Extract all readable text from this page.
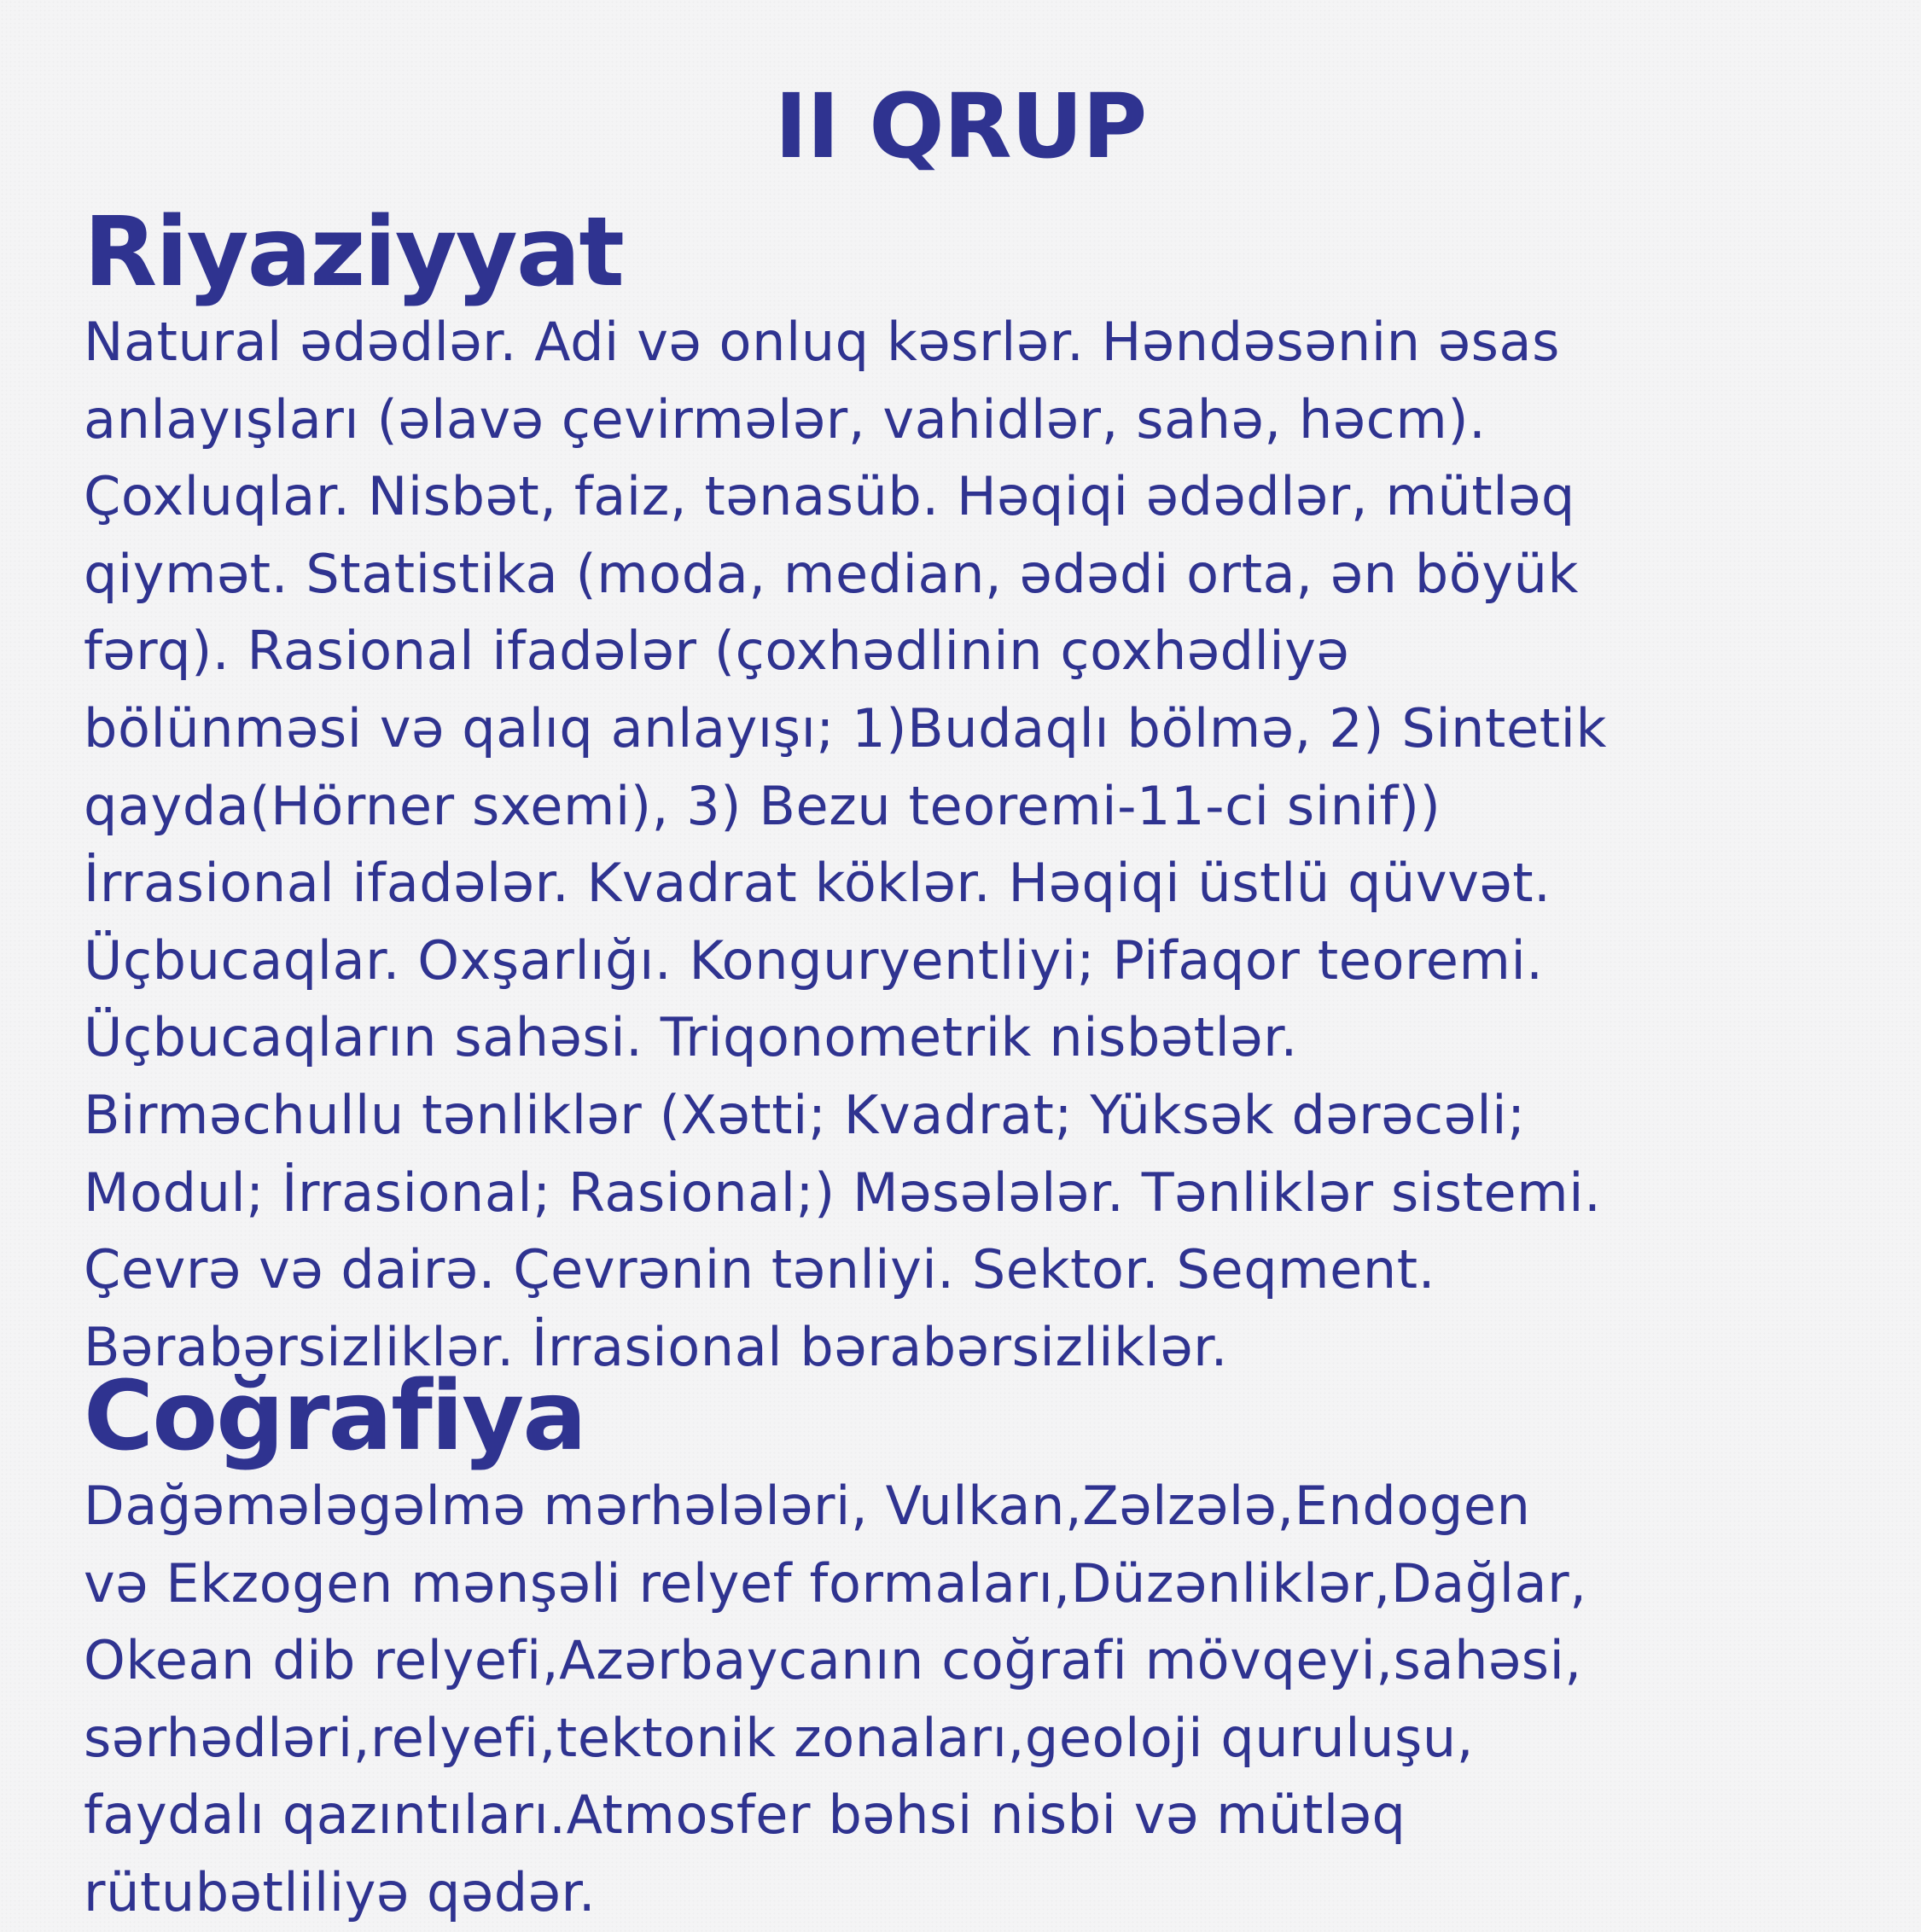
II QRUP
Riyaziyyat
Natural ədədlər. Adi və onluq kəsrlər. Həndəsənin əsas
anlayışları (əlavə çevirmələr, vahidlər, sahə, həcm).
Çoxluqlar. Nisbət, faiz, tənasüb. Həqiqi ədədlər, mütləq
qiymət. Statistika (moda, median, ədədi orta, ən böyük
fərq). Rasional ifadələr (çoxhədlinin çoxhədliyə
bölünməsi və qalıq anlayışı; 1)Budaqlı bölmə, 2) Sintetik
qayda(Hörner sxemi), 3) Bezu teoremi-11-ci sinif))
İrrasional ifadələr. Kvadrat köklər. Həqiqi üstlü qüvvət.
Üçbucaqlar. Oxşarlığı. Konguryentliyi; Pifaqor teoremi.
Üçbucaqların sahəsi. Triqonometrik nisbətlər.
Birməchullu tənliklər (Xətti; Kvadrat; Yüksək dərəcəli;
Modul; İrrasional; Rasional;) Məsələlər. Tənliklər sistemi.
Çevrə və dairə. Çevrənin tənliyi. Sektor. Seqment.
Bərabərsizliklər. İrrasional bərabərsizliklər.
Coğrafiya
Dağəmələgəlmə mərhələləri, Vulkan,Zəlzələ,Endogen
və Ekzogen mənşəli relyef formaları,Düzənliklər,Dağlar,
Okean dib relyefi,Azərbaycanın coğrafi mövqeyi,sahəsi,
sərhədləri,relyefi,tektonik zonaları,geoloji quruluşu,
faydalı qazıntıları.Atmosfer bəhsi nisbi və mütləq
rütubətliliyə qədər.
